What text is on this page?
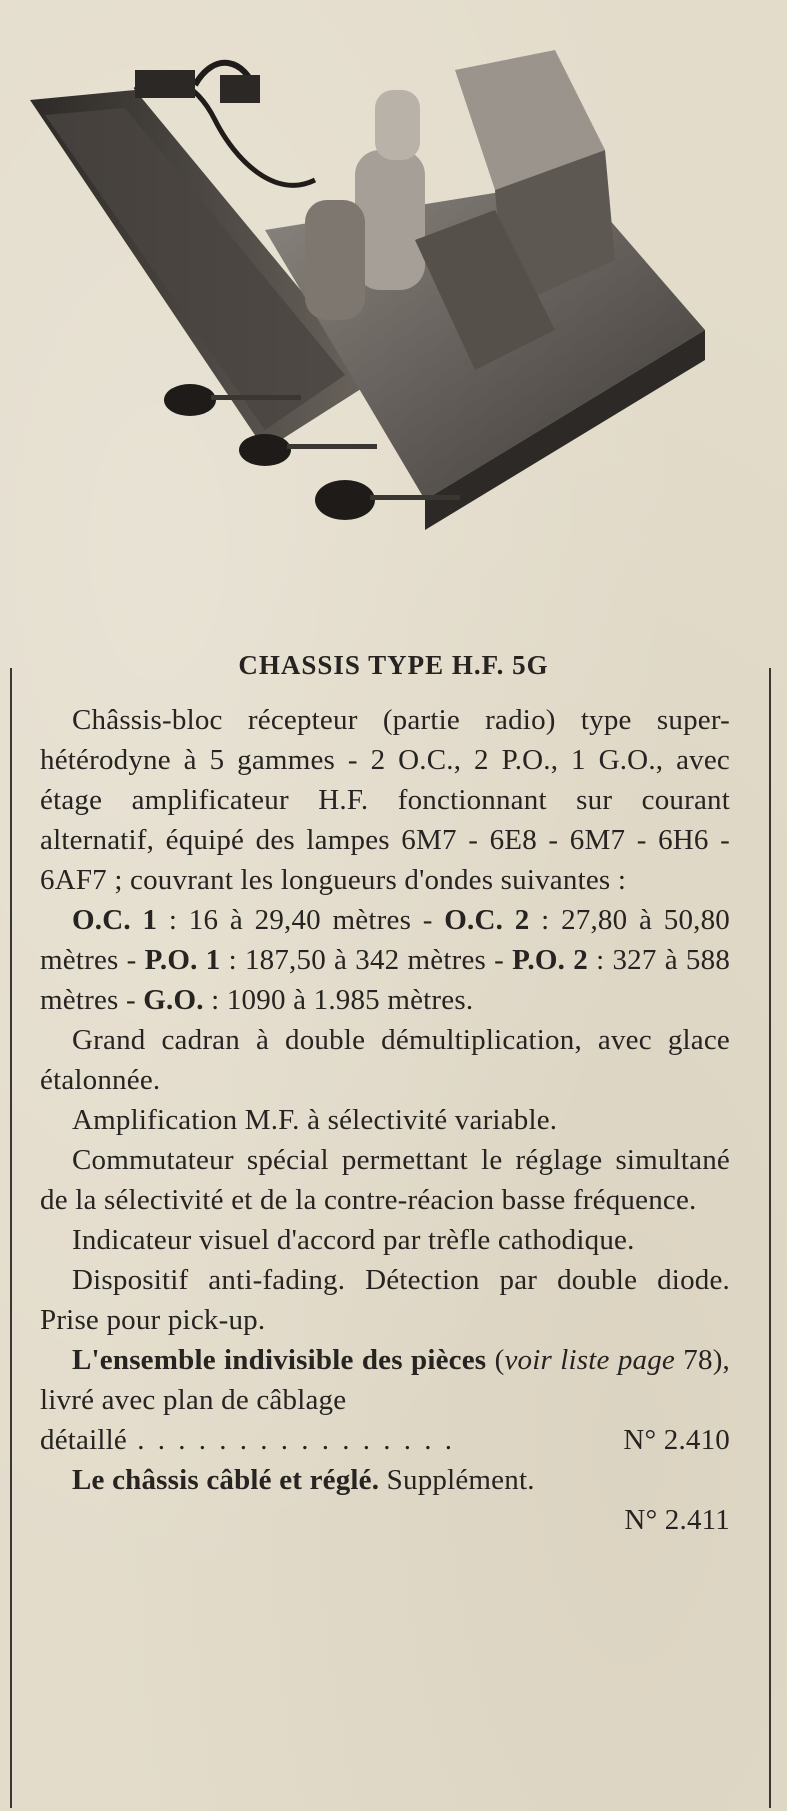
CHASSIS TYPE H.F. 5G

Châssis-bloc récepteur (partie radio) type super-hétérodyne à 5 gammes - 2 O.C., 2 P.O., 1 G.O., avec étage amplificateur H.F. fonctionnant sur courant alternatif, équipé des lampes 6M7 - 6E8 - 6M7 - 6H6 - 6AF7 ; couvrant les longueurs d'ondes suivantes :

O.C. 1 : 16 à 29,40 mètres - O.C. 2 : 27,80 à 50,80 mètres - P.O. 1 : 187,50 à 342 mètres - P.O. 2 : 327 à 588 mètres - G.O. : 1090 à 1.985 mètres.

Grand cadran à double démultiplication, avec glace étalonnée.

Amplification M.F. à sélectivité variable.

Commutateur spécial permettant le réglage simultané de la sélectivité et de la contre-réacion basse fréquence.

Indicateur visuel d'accord par trèfle cathodique.

Dispositif anti-fading. Détection par double diode. Prise pour pick-up.

L'ensemble indivisible des pièces (voir liste page 78), livré avec plan de câblage

détaillé . . . . . . . . . . . . . . . .	N° 2.410

Le châssis câblé et réglé. Supplément.

N° 2.411
